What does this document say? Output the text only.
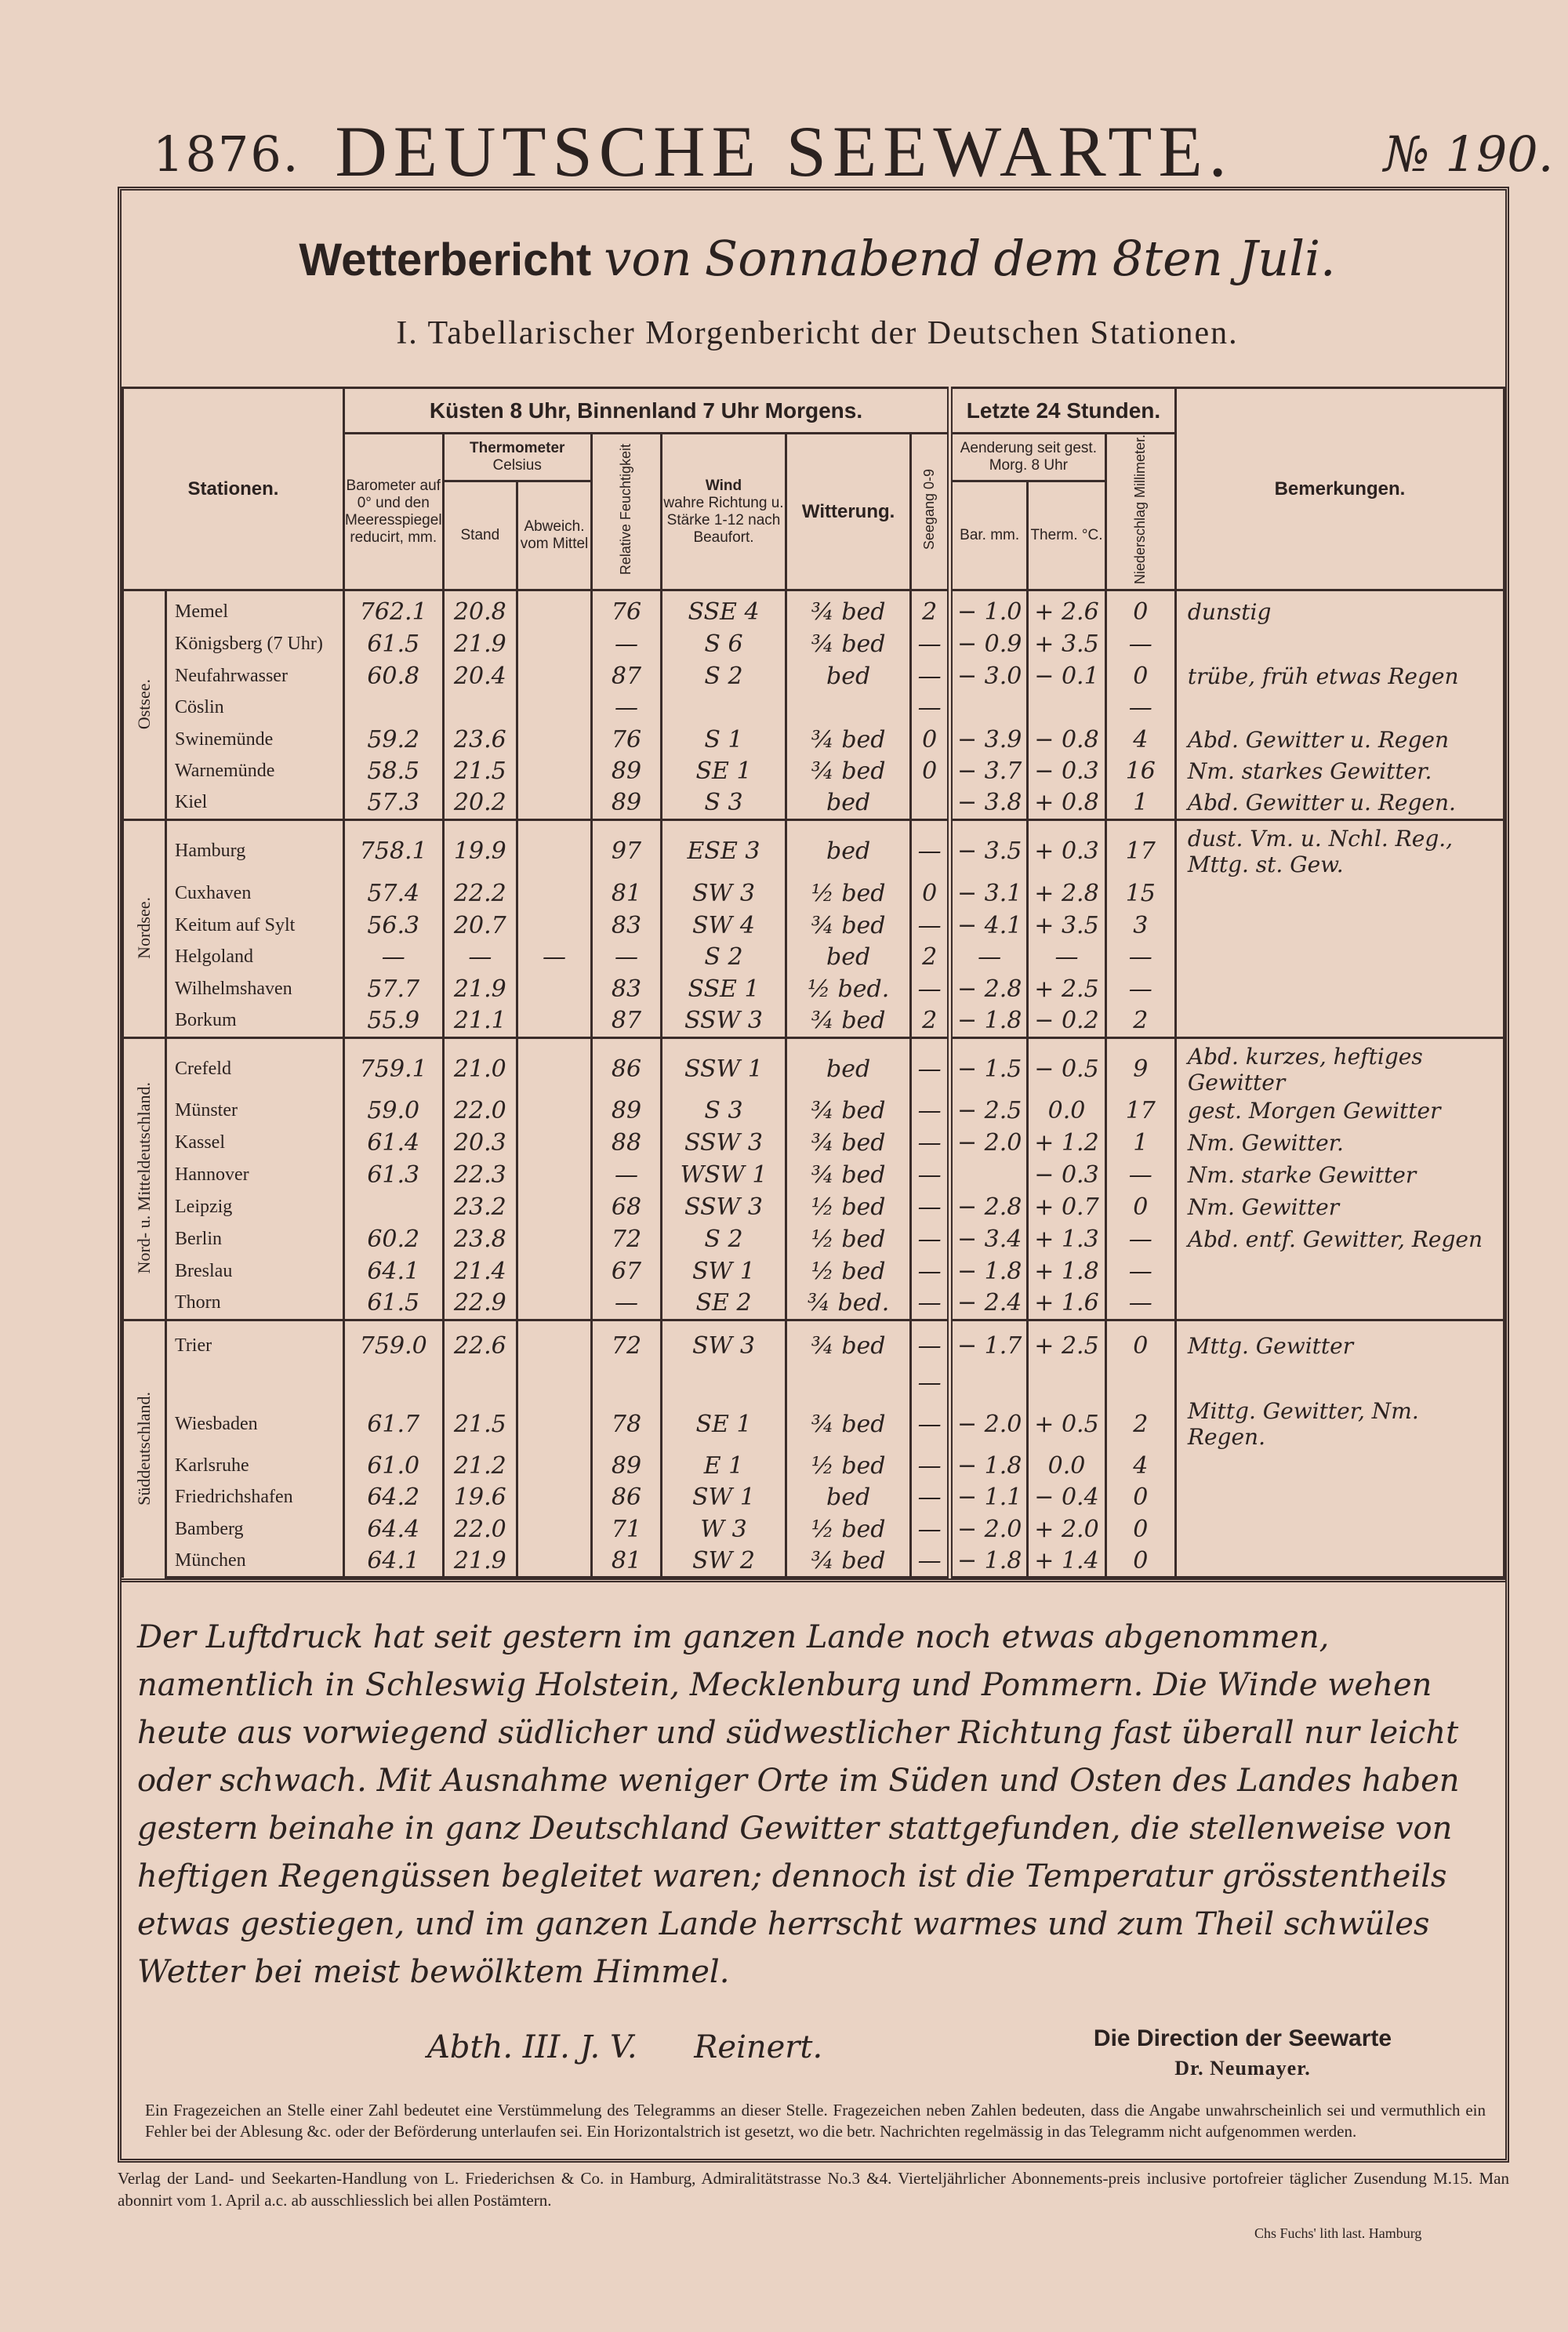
1876. DEUTSCHE SEEWARTE.	№ 190.
Wetterbericht von Sonnabend dem 8ten Juli.
I. Tabellarischer Morgenbericht der Deutschen Stationen.
Stationen.		Küsten 8 Uhr, Binnenland 7 Uhr Morgens.							Letzte 24 Stunden.			Bemerkungen.
		Barometer auf 0° und den Meeresspiegel reducirt, mm.	Thermometer
Celsius		Relative Feuchtigkeit	Wind
wahre Richtung u. Stärke 1-12 nach Beaufort.	Witterung.	Seegang 0-9	Aenderung seit gest. Morg. 8 Uhr		Niederschlag Millimeter.	
			Stand	Abweich. vom Mittel					Bar. mm.	Therm. °C.		
Ostsee.	Memel	762.1	20.8		76	SSE 4	¾ bed	2	− 1.0	+ 2.6	0	dunstig
	Königsberg (7 Uhr)	61.5	21.9		—	S 6	¾ bed	—	− 0.9	+ 3.5	—	
	Neufahrwasser	60.8	20.4		87	S 2	bed	—	− 3.0	− 0.1	0	trübe, früh etwas Regen
	Cöslin				—			—			—	
	Swinemünde	59.2	23.6		76	S 1	¾ bed	0	− 3.9	− 0.8	4	Abd. Gewitter u. Regen
	Warnemünde	58.5	21.5		89	SE 1	¾ bed	0	− 3.7	− 0.3	16	Nm. starkes Gewitter.
	Kiel	57.3	20.2		89	S 3	bed		− 3.8	+ 0.8	1	Abd. Gewitter u. Regen.
Nordsee.	Hamburg	758.1	19.9		97	ESE 3	bed	—	− 3.5	+ 0.3	17	dust. Vm. u. Nchl. Reg., Mttg. st. Gew.
	Cuxhaven	57.4	22.2		81	SW 3	½ bed	0	− 3.1	+ 2.8	15	
	Keitum auf Sylt	56.3	20.7		83	SW 4	¾ bed	—	− 4.1	+ 3.5	3	
	Helgoland	—	—	—	—	S 2	bed	2	—	—	—	
	Wilhelmshaven	57.7	21.9		83	SSE 1	½ bed.	—	− 2.8	+ 2.5	—	
	Borkum	55.9	21.1		87	SSW 3	¾ bed	2	− 1.8	− 0.2	2	
Nord- u. Mitteldeutschland.	Crefeld	759.1	21.0		86	SSW 1	bed	—	− 1.5	− 0.5	9	Abd. kurzes, heftiges Gewitter
	Münster	59.0	22.0		89	S 3	¾ bed	—	− 2.5	0.0	17	gest. Morgen Gewitter
	Kassel	61.4	20.3		88	SSW 3	¾ bed	—	− 2.0	+ 1.2	1	Nm. Gewitter.
	Hannover	61.3	22.3		—	WSW 1	¾ bed	—		− 0.3	—	Nm. starke Gewitter
	Leipzig		23.2		68	SSW 3	½ bed	—	− 2.8	+ 0.7	0	Nm. Gewitter
	Berlin	60.2	23.8		72	S 2	½ bed	—	− 3.4	+ 1.3	—	Abd. entf. Gewitter, Regen
	Breslau	64.1	21.4		67	SW 1	½ bed	—	− 1.8	+ 1.8	—	
	Thorn	61.5	22.9		—	SE 2	¾ bed.	—	− 2.4	+ 1.6	—	
Süddeutschland.	Trier	759.0	22.6		72	SW 3	¾ bed	—	− 1.7	+ 2.5	0	Mttg. Gewitter
								—				
	Wiesbaden	61.7	21.5		78	SE 1	¾ bed	—	− 2.0	+ 0.5	2	Mittg. Gewitter, Nm. Regen.
	Karlsruhe	61.0	21.2		89	E 1	½ bed	—	− 1.8	0.0	4	
	Friedrichshafen	64.2	19.6		86	SW 1	bed	—	− 1.1	− 0.4	0	
	Bamberg	64.4	22.0		71	W 3	½ bed	—	− 2.0	+ 2.0	0	
	München	64.1	21.9		81	SW 2	¾ bed	—	− 1.8	+ 1.4	0	
Der Luftdruck hat seit gestern im ganzen Lande noch etwas abgenommen, namentlich in Schleswig Holstein, Mecklenburg und Pommern. Die Winde wehen heute aus vorwiegend südlicher und südwestlicher Richtung fast überall nur leicht oder schwach. Mit Ausnahme weniger Orte im Süden und Osten des Landes haben gestern beinahe in ganz Deutschland Gewitter stattgefunden, die stellenweise von heftigen Regengüssen begleitet waren; dennoch ist die Temperatur grösstentheils etwas gestiegen, und im ganzen Lande herrscht warmes und zum Theil schwüles Wetter bei meist bewölktem Himmel.
Abth. III. J. V. Reinert.	Die Direction der Seewarte
Dr. Neumayer.
Ein Fragezeichen an Stelle einer Zahl bedeutet eine Verstümmelung des Telegramms an dieser Stelle. Fragezeichen neben Zahlen bedeuten, dass die Angabe unwahrscheinlich sei und vermuthlich ein Fehler bei der Ablesung &c. oder der Beförderung unterlaufen sei. Ein Horizontalstrich ist gesetzt, wo die betr. Nachrichten regelmässig in das Telegramm nicht aufgenommen werden.
Verlag der Land- und Seekarten-Handlung von L. Friederichsen & Co. in Hamburg, Admiralitätstrasse No.3 &4. Vierteljährlicher Abonnements-preis inclusive portofreier täglicher Zusendung M.15. Man abonnirt vom 1. April a.c. ab ausschliesslich bei allen Postämtern.
Chs Fuchs' lith last. Hamburg
